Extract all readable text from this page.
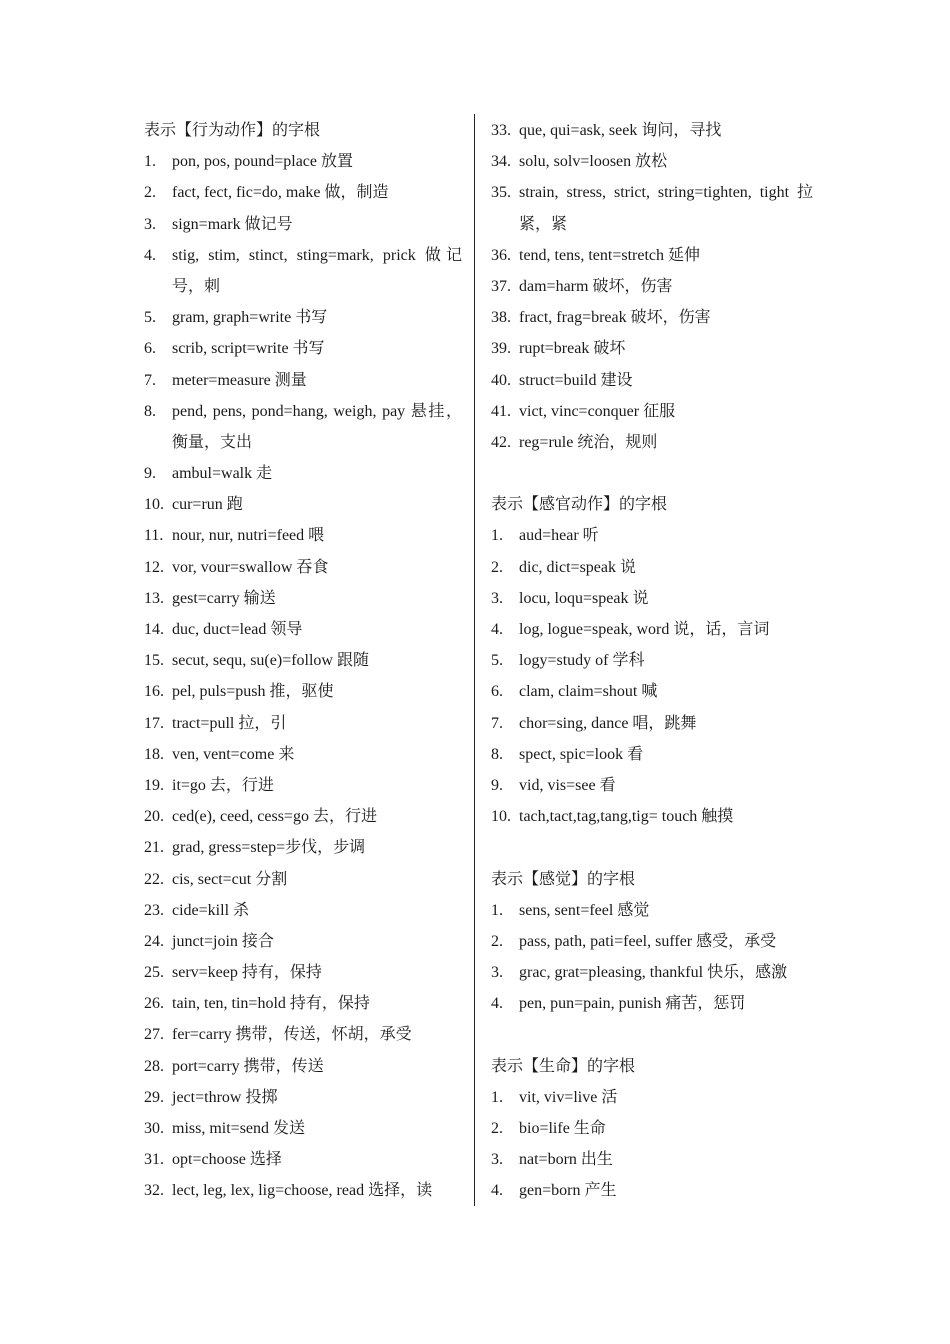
表示【行为动作】的字根
1. pon, pos, pound=place 放置
2. fact, fect, fic=do, make 做，制造
3. sign=mark 做记号
4. stig, stim, stinct, sting=mark, prick 做记号，刺
5. gram, graph=write 书写
6. scrib, script=write 书写
7. meter=measure 测量
8. pend, pens, pond=hang, weigh, pay 悬挂，衡量，支出
9. ambul=walk 走
10. cur=run 跑
11. nour, nur, nutri=feed 喂
12. vor, vour=swallow 吞食
13. gest=carry 输送
14. duc, duct=lead 领导
15. secut, sequ, su(e)=follow 跟随
16. pel, puls=push 推，驱使
17. tract=pull 拉，引
18. ven, vent=come 来
19. it=go 去，行进
20. ced(e), ceed, cess=go 去，行进
21. grad, gress=step=步伐，步调
22. cis, sect=cut 分割
23. cide=kill 杀
24. junct=join 接合
25. serv=keep 持有，保持
26. tain, ten, tin=hold 持有，保持
27. fer=carry 携带，传送，怀胡，承受
28. port=carry 携带，传送
29. ject=throw 投掷
30. miss, mit=send 发送
31. opt=choose 选择
32. lect, leg, lex, lig=choose, read 选择，读
33. que, qui=ask, seek 询问，寻找
34. solu, solv=loosen 放松
35. strain, stress, strict, string=tighten, tight 拉紧，紧
36. tend, tens, tent=stretch 延伸
37. dam=harm 破坏，伤害
38. fract, frag=break 破坏，伤害
39. rupt=break 破坏
40. struct=build 建设
41. vict, vinc=conquer 征服
42. reg=rule 统治，规则
表示【感官动作】的字根
1. aud=hear 听
2. dic, dict=speak 说
3. locu, loqu=speak 说
4. log, logue=speak, word 说，话，言词
5. logy=study of 学科
6. clam, claim=shout 喊
7. chor=sing, dance 唱，跳舞
8. spect, spic=look 看
9. vid, vis=see 看
10. tach,tact,tag,tang,tig= touch 触摸
表示【感觉】的字根
1. sens, sent=feel 感觉
2. pass, path, pati=feel, suffer 感受，承受
3. grac, grat=pleasing, thankful 快乐，感激
4. pen, pun=pain, punish 痛苦，惩罚
表示【生命】的字根
1. vit, viv=live 活
2. bio=life 生命
3. nat=born 出生
4. gen=born 产生
